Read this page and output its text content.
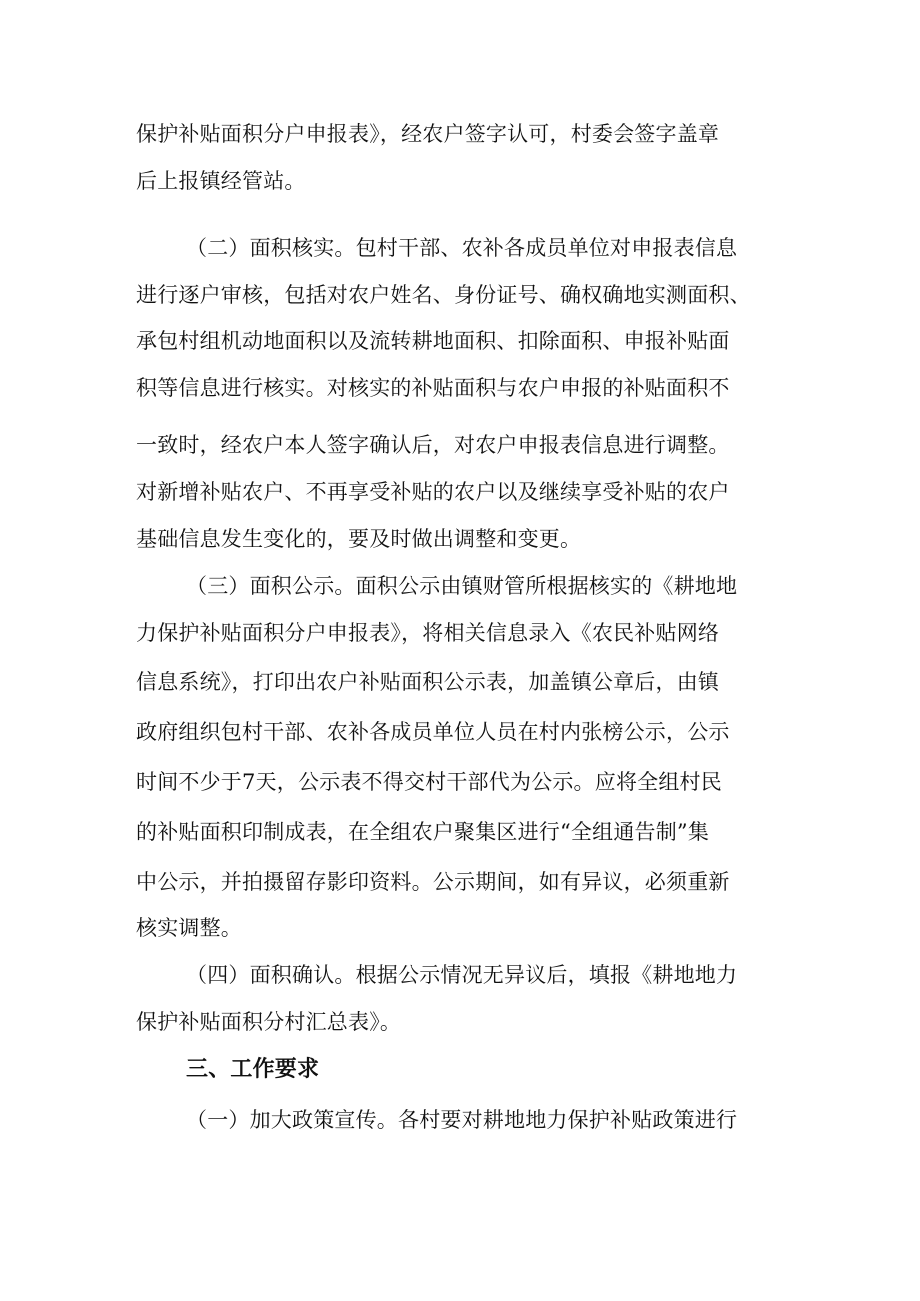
保护补贴面积分户申报表》，经农户签字认可，村委会签字盖章
后上报镇经管站。
（二）面积核实。包村干部、农补各成员单位对申报表信息
进行逐户审核，包括对农户姓名、身份证号、确权确地实测面积、
承包村组机动地面积以及流转耕地面积、扣除面积、申报补贴面
积等信息进行核实。对核实的补贴面积与农户申报的补贴面积不
一致时，经农户本人签字确认后，对农户申报表信息进行调整。
对新增补贴农户、不再享受补贴的农户以及继续享受补贴的农户
基础信息发生变化的，要及时做出调整和变更。
（三）面积公示。面积公示由镇财管所根据核实的《耕地地
力保护补贴面积分户申报表》，将相关信息录入《农民补贴网络
信息系统》，打印出农户补贴面积公示表，加盖镇公章后，由镇
政府组织包村干部、农补各成员单位人员在村内张榜公示，公示
时间不少于7天，公示表不得交村干部代为公示。应将全组村民
的补贴面积印制成表，在全组农户聚集区进行“全组通告制”集
中公示，并拍摄留存影印资料。公示期间，如有异议，必须重新
核实调整。
（四）面积确认。根据公示情况无异议后，填报《耕地地力
保护补贴面积分村汇总表》。
三、工作要求
（一）加大政策宣传。各村要对耕地地力保护补贴政策进行
